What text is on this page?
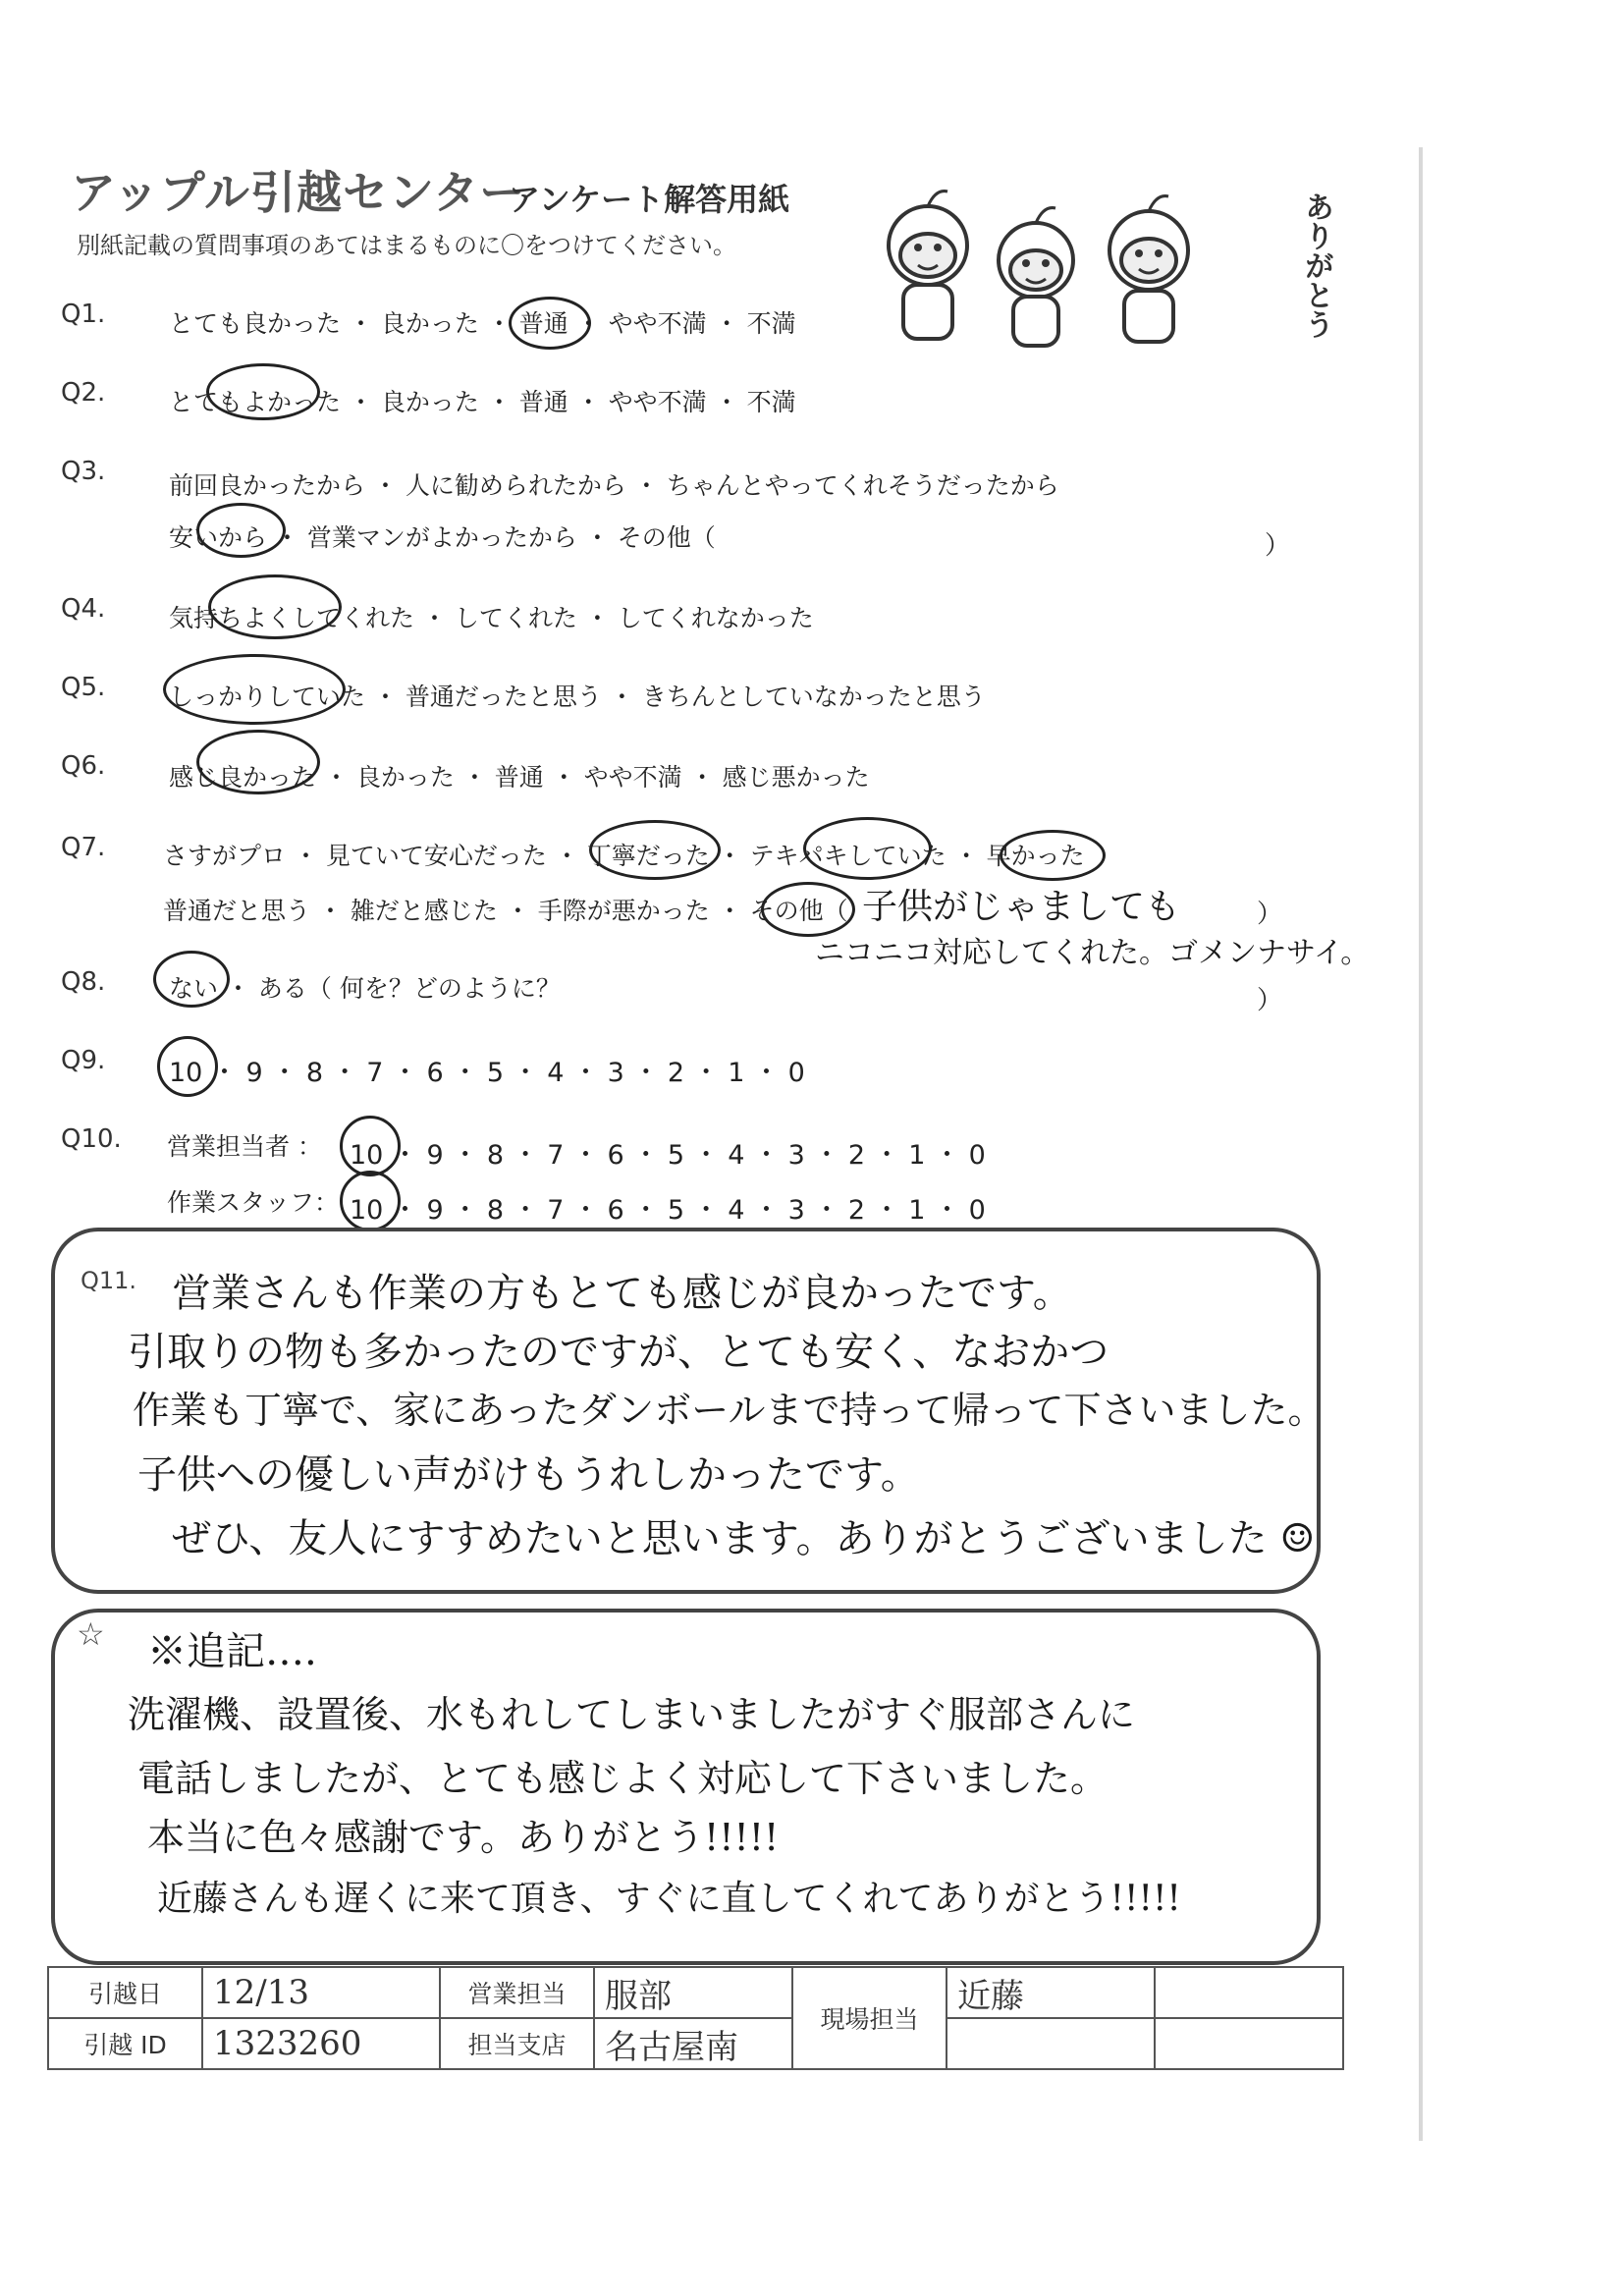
アップル引越センター
アンケート解答用紙
別紙記載の質問事項のあてはまるものに〇をつけてください。	ありがとう
Q1.	とても良かった ・ 良かった ・ 普通 ・ やや不満 ・ 不満
Q2.	とてもよかった ・ 良かった ・ 普通 ・ やや不満 ・ 不満
Q3.	前回良かったから ・ 人に勧められたから ・ ちゃんとやってくれそうだったから
安いから ・ 営業マンがよかったから ・ その他（	）
Q4.	気持ちよくしてくれた ・ してくれた ・ してくれなかった
Q5.	しっかりしていた ・ 普通だったと思う ・ きちんとしていなかったと思う
Q6.	感じ良かった ・ 良かった ・ 普通 ・ やや不満 ・ 感じ悪かった
Q7. さすがプロ ・ 見ていて安心だった ・ 丁寧だった ・ テキパキしていた ・ 早かった
普通だと思う ・ 雑だと感じた ・ 手際が悪かった ・ その他（ 子供がじゃましても
ニコニコ対応してくれた。ゴメンナサイ。
）
Q8.	ない ・ ある（ 何を？どのように？	）
Q9. 10 ・ 9 ・ 8 ・ 7 ・ 6 ・ 5 ・ 4 ・ 3 ・ 2 ・ 1 ・ 0
Q10. 営業担当者 ： 10 ・ 9 ・ 8 ・ 7 ・ 6 ・ 5 ・ 4 ・ 3 ・ 2 ・ 1 ・ 0
作業スタッフ： 10 ・ 9 ・ 8 ・ 7 ・ 6 ・ 5 ・ 4 ・ 3 ・ 2 ・ 1 ・ 0
Q11. 営業さんも作業の方もとても感じが良かったです。
引取りの物も多かったのですが、とても安く、なおかつ
作業も丁寧で、家にあったダンボールまで持って帰って下さいました。
子供への優しい声がけもうれしかったです。
ぜひ、友人にすすめたいと思います。ありがとうございました ☺
☆ ※追記….
洗濯機、設置後、水もれしてしまいましたがすぐ服部さんに
電話しましたが、とても感じよく対応して下さいました。
本当に色々感謝です。ありがとう!!!!!
近藤さんも遅くに来て頂き、すぐに直してくれてありがとう!!!!!
引越日	12/13	営業担当	服部	現場担当	近藤	
引越 ID	1323260	担当支店	名古屋南			
